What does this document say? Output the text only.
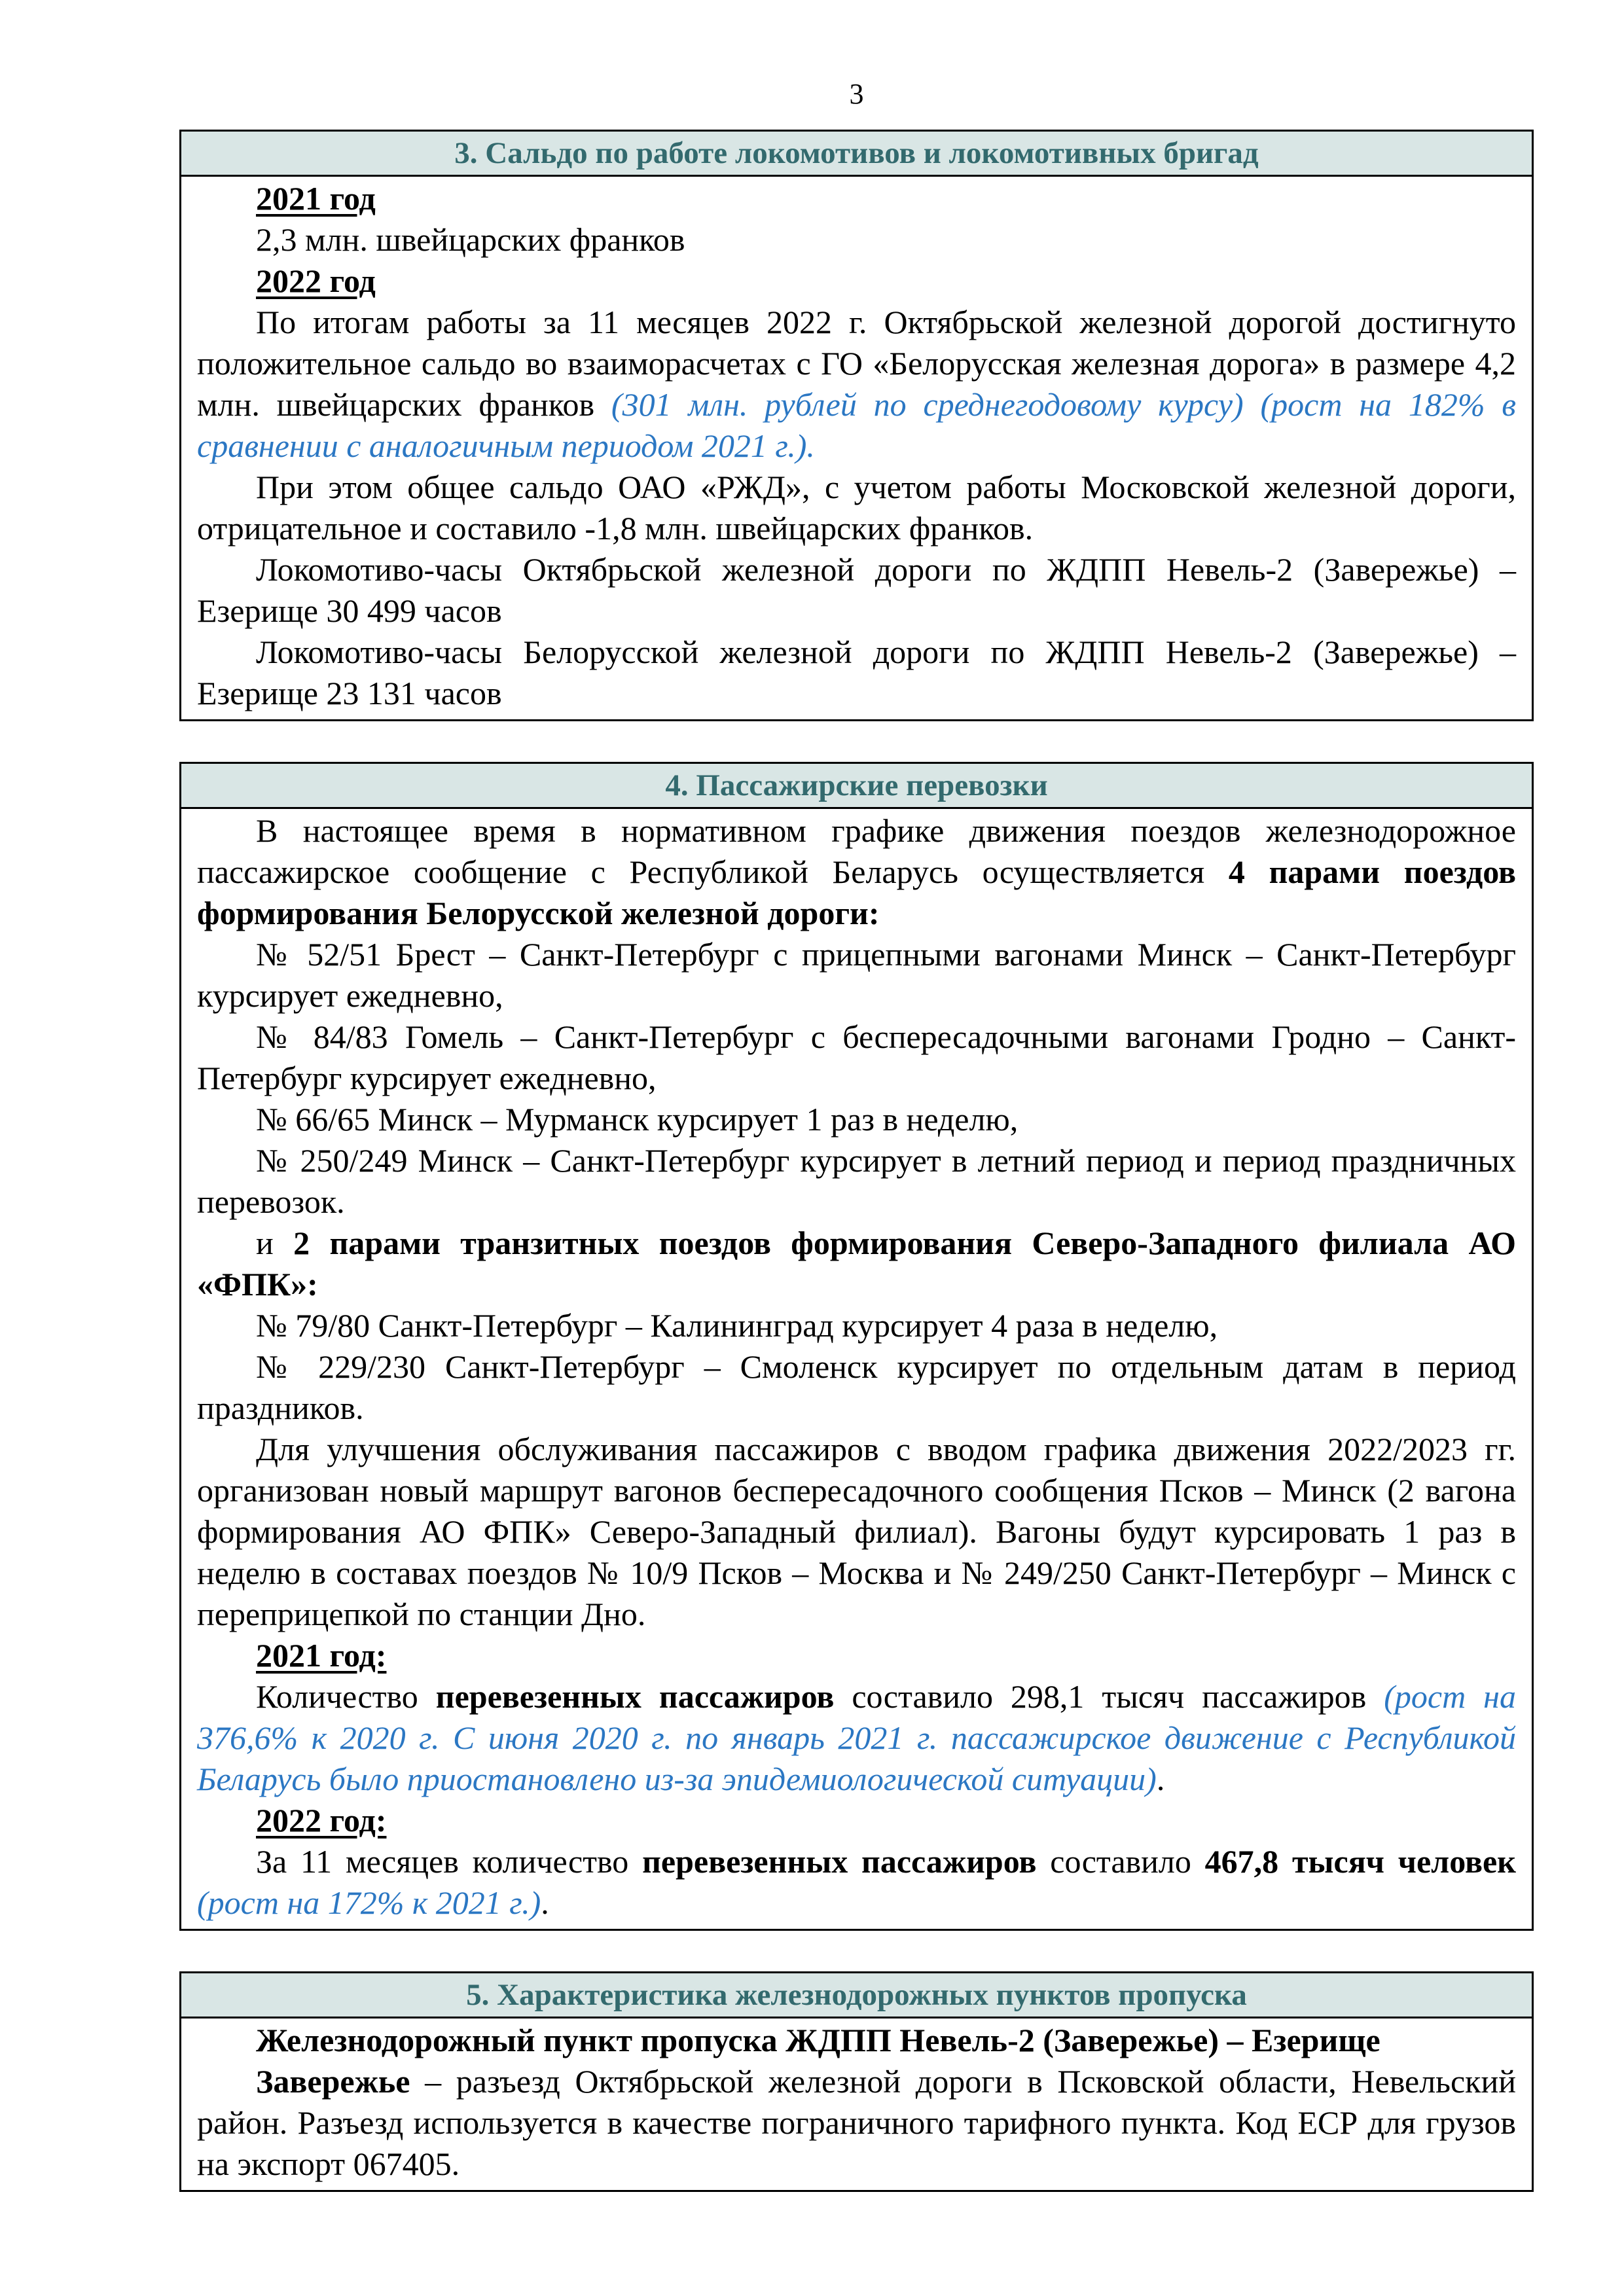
3
3. Сальдо по работе локомотивов и локомотивных бригад

2021 год

2,3 млн. швейцарских франков

2022 год

По итогам работы за 11 месяцев 2022 г. Октябрьской железной дорогой достигнуто положительное сальдо во взаиморасчетах с ГО «Белорусская железная дорога» в размере 4,2 млн. швейцарских франков (301 млн. рублей по среднегодовому курсу) (рост на 182% в сравнении с аналогичным периодом 2021 г.).

При этом общее сальдо ОАО «РЖД», с учетом работы Московской железной дороги, отрицательное и составило -1,8 млн. швейцарских франков.

Локомотиво-часы Октябрьской железной дороги по ЖДПП Невель-2 (Завережье) – Езерище 30 499 часов

Локомотиво-часы Белорусской железной дороги по ЖДПП Невель-2 (Завережье) – Езерище 23 131 часов

4. Пассажирские перевозки

В настоящее время в нормативном графике движения поездов железнодорожное пассажирское сообщение с Республикой Беларусь осуществляется 4 парами поездов формирования Белорусской железной дороги:

№ 52/51 Брест – Санкт-Петербург с прицепными вагонами Минск – Санкт-Петербург курсирует ежедневно,

№ 84/83 Гомель – Санкт-Петербург с беспересадочными вагонами Гродно – Санкт-Петербург курсирует ежедневно,

№ 66/65 Минск – Мурманск курсирует 1 раз в неделю,

№ 250/249 Минск – Санкт-Петербург курсирует в летний период и период праздничных перевозок.

и 2 парами транзитных поездов формирования Северо-Западного филиала АО «ФПК»:

№ 79/80 Санкт-Петербург – Калининград курсирует 4 раза в неделю,

№ 229/230 Санкт-Петербург – Смоленск курсирует по отдельным датам в период праздников.

Для улучшения обслуживания пассажиров с вводом графика движения 2022/2023 гг. организован новый маршрут вагонов беспересадочного сообщения Псков – Минск (2 вагона формирования АО ФПК» Северо-Западный филиал). Вагоны будут курсировать 1 раз в неделю в составах поездов № 10/9 Псков – Москва и № 249/250 Санкт-Петербург – Минск с переприцепкой по станции Дно.

2021 год:

Количество перевезенных пассажиров составило 298,1 тысяч пассажиров (рост на 376,6% к 2020 г. С июня 2020 г. по январь 2021 г. пассажирское движение с Республикой Беларусь было приостановлено из-за эпидемиологической ситуации).

2022 год:

За 11 месяцев количество перевезенных пассажиров составило 467,8 тысяч человек (рост на 172% к 2021 г.).

5. Характеристика железнодорожных пунктов пропуска

Железнодорожный пункт пропуска ЖДПП Невель-2 (Завережье) – Езерище

Завережье – разъезд Октябрьской железной дороги в Псковской области, Невельский район. Разъезд используется в качестве пограничного тарифного пункта. Код ЕСР для грузов на экспорт 067405.
